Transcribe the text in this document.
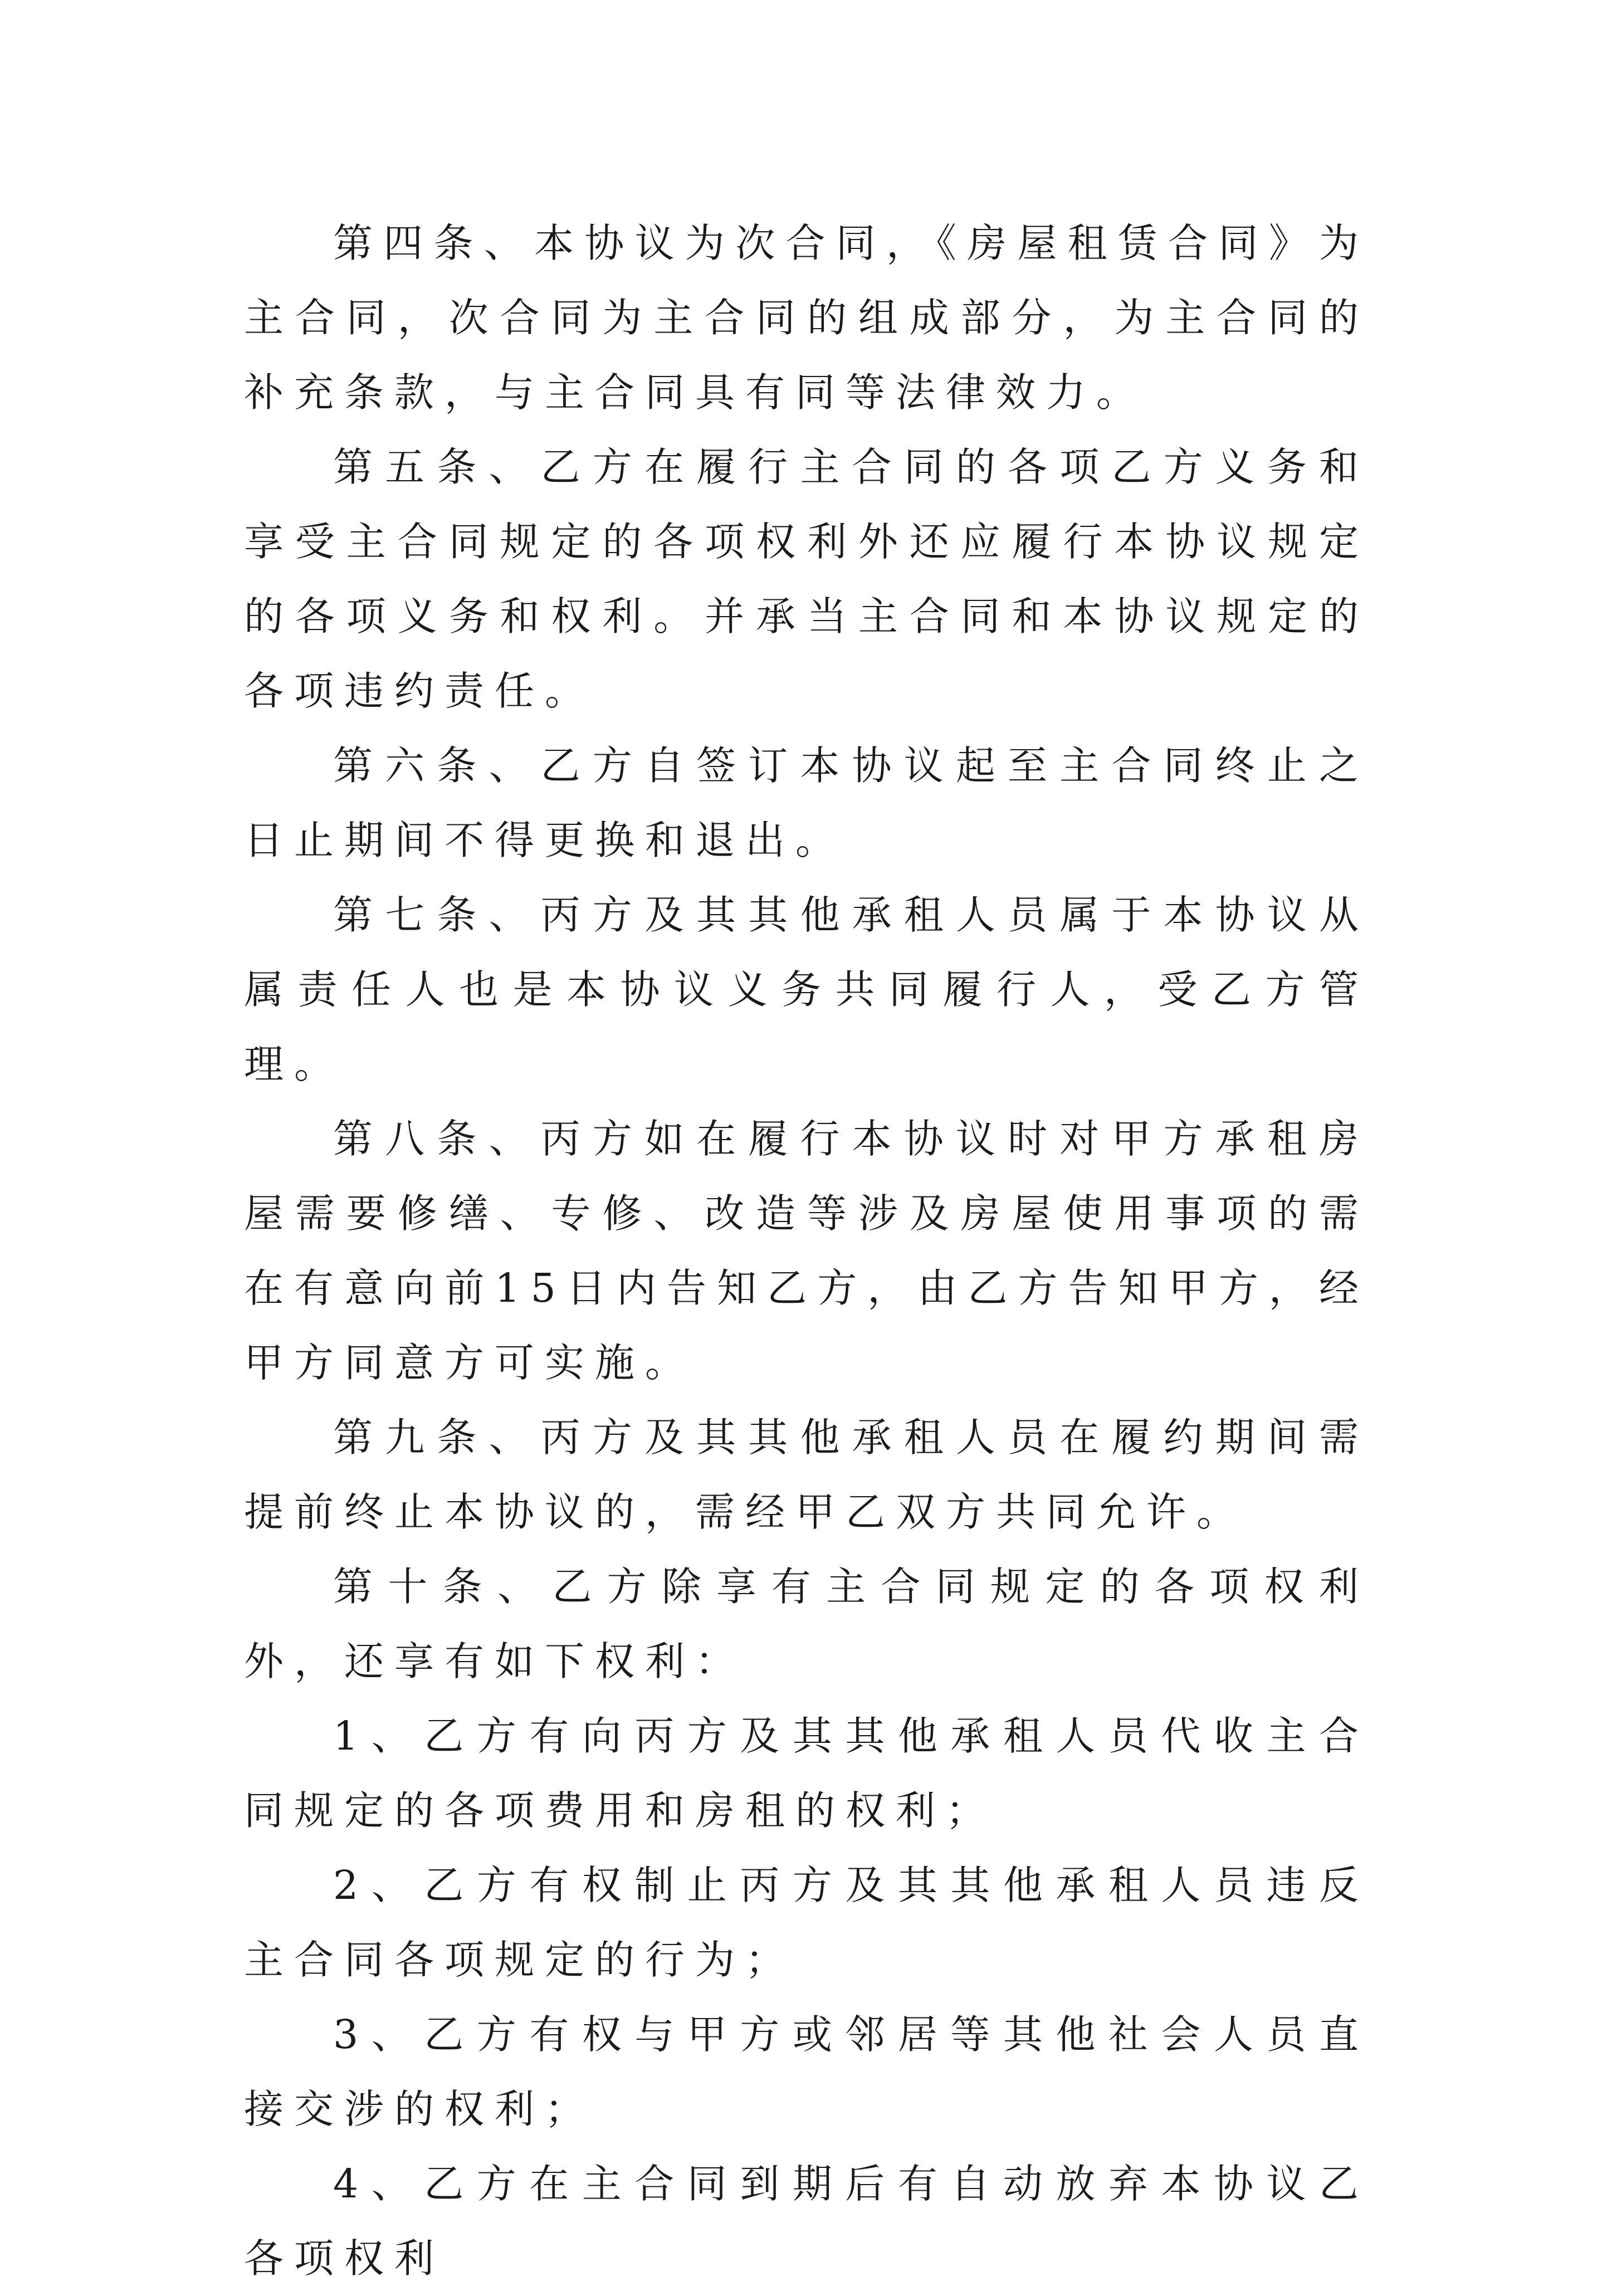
第四条、本协议为次合同，《房屋租赁合同》为主合同，次合同为主合同的组成部分，为主合同的补充条款，与主合同具有同等法律效力。

第五条、乙方在履行主合同的各项乙方义务和享受主合同规定的各项权利外还应履行本协议规定的各项义务和权利。并承当主合同和本协议规定的各项违约责任。

第六条、乙方自签订本协议起至主合同终止之日止期间不得更换和退出。

第七条、丙方及其其他承租人员属于本协议从属责任人也是本协议义务共同履行人，受乙方管理。

第八条、丙方如在履行本协议时对甲方承租房屋需要修缮、专修、改造等涉及房屋使用事项的需在有意向前15日内告知乙方，由乙方告知甲方，经甲方同意方可实施。

第九条、丙方及其其他承租人员在履约期间需提前终止本协议的，需经甲乙双方共同允许。

第十条、乙方除享有主合同规定的各项权利外，还享有如下权利：

1、乙方有向丙方及其其他承租人员代收主合同规定的各项费用和房租的权利；

2、乙方有权制止丙方及其其他承租人员违反主合同各项规定的行为；

3、乙方有权与甲方或邻居等其他社会人员直接交涉的权利；

4、乙方在主合同到期后有自动放弃本协议乙各项权利
